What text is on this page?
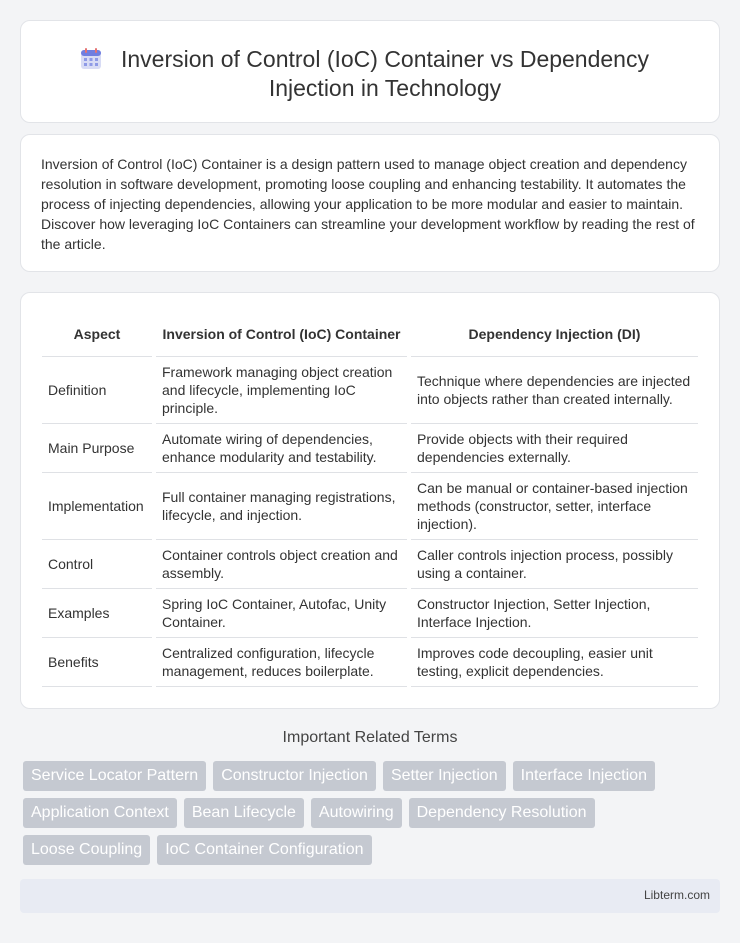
Inversion of Control (IoC) Container vs Dependency Injection in Technology

Inversion of Control (IoC) Container is a design pattern used to manage object creation and dependency resolution in software development, promoting loose coupling and enhancing testability. It automates the process of injecting dependencies, allowing your application to be more modular and easier to maintain. Discover how leveraging IoC Containers can streamline your development workflow by reading the rest of the article.

Aspect		Inversion of Control (IoC) Container		Dependency Injection (DI)
Definition		Framework managing object creation and lifecycle, implementing IoC principle.		Technique where dependencies are injected into objects rather than created internally.
Main Purpose		Automate wiring of dependencies, enhance modularity and testability.		Provide objects with their required dependencies externally.
Implementation		Full container managing registrations, lifecycle, and injection.		Can be manual or container-based injection methods (constructor, setter, interface injection).
Control		Container controls object creation and assembly.		Caller controls injection process, possibly using a container.
Examples		Spring IoC Container, Autofac, Unity Container.		Constructor Injection, Setter Injection, Interface Injection.
Benefits		Centralized configuration, lifecycle management, reduces boilerplate.		Improves code decoupling, easier unit testing, explicit dependencies.
Important Related Terms
Service Locator Pattern	Constructor Injection	Setter Injection	Interface Injection
Application Context	Bean Lifecycle	Autowiring	Dependency Resolution
Loose Coupling	IoC Container Configuration
Libterm.com
